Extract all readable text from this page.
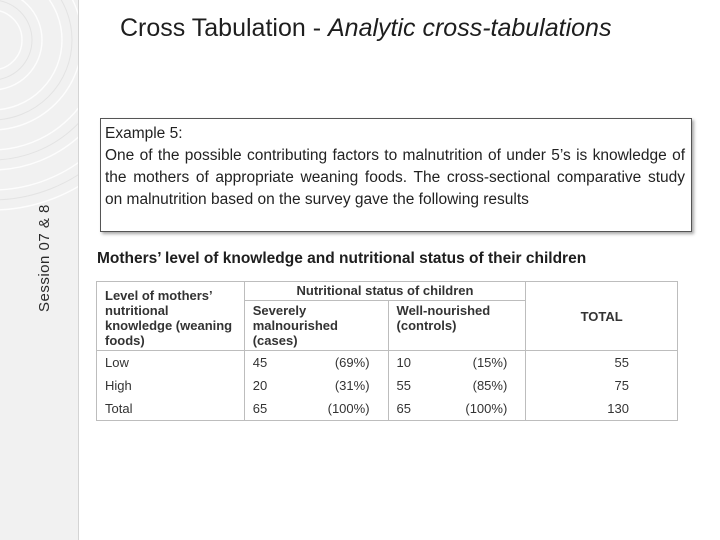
Session 07 & 8
Cross Tabulation - Analytic cross-tabulations
Example 5:
One of the possible contributing factors to malnutrition of under 5’s is knowledge of the mothers of appropriate weaning foods. The cross-sectional comparative study on malnutrition based on the survey gave the following results
Mothers’ level of knowledge and nutritional status of their children
Level of mothers’ nutritional knowledge (weaning foods)	Nutritional status of children		TOTAL
	Severely malnourished (cases)	Well-nourished (controls)	
Low	45 (69%)	10 (15%)	55
High	20 (31%)	55 (85%)	75
Total	65 (100%)	65 (100%)	130
